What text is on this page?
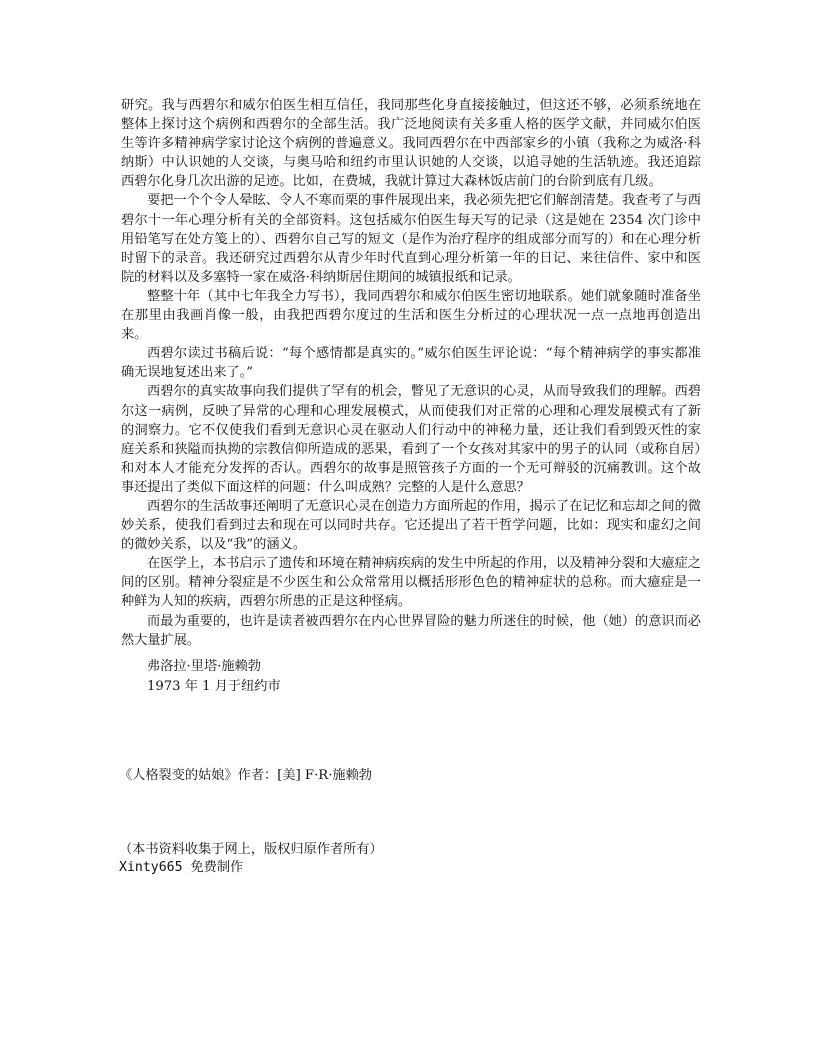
研究。我与西碧尔和威尔伯医生相互信任，我同那些化身直接接触过，但这还不够，必须系统地在整体上探讨这个病例和西碧尔的全部生活。我广泛地阅读有关多重人格的医学文献，并同威尔伯医生等许多精神病学家讨论这个病例的普遍意义。我同西碧尔在中西部家乡的小镇（我称之为威洛·科纳斯）中认识她的人交谈，与奥马哈和纽约市里认识她的人交谈，以追寻她的生活轨迹。我还追踪西碧尔化身几次出游的足迹。比如，在费城，我就计算过大森林饭店前门的台阶到底有几级。

要把一个个令人晕眩、令人不寒而栗的事件展现出来，我必须先把它们解剖清楚。我查考了与西碧尔十一年心理分析有关的全部资料。这包括威尔伯医生每天写的记录（这是她在 2354 次门诊中用铅笔写在处方笺上的）、西碧尔自己写的短文（是作为治疗程序的组成部分而写的）和在心理分析时留下的录音。我还研究过西碧尔从青少年时代直到心理分析第一年的日记、来往信件、家中和医院的材料以及多塞特一家在威洛·科纳斯居住期间的城镇报纸和记录。

整整十年（其中七年我全力写书），我同西碧尔和威尔伯医生密切地联系。她们就象随时准备坐在那里由我画肖像一般，由我把西碧尔度过的生活和医生分析过的心理状况一点一点地再创造出来。

西碧尔读过书稿后说：“每个感情都是真实的。”威尔伯医生评论说：“每个精神病学的事实都准确无误地复述出来了。”

西碧尔的真实故事向我们提供了罕有的机会，瞥见了无意识的心灵，从而导致我们的理解。西碧尔这一病例，反映了异常的心理和心理发展模式，从而使我们对正常的心理和心理发展模式有了新的洞察力。它不仅使我们看到无意识心灵在驱动人们行动中的神秘力量，还让我们看到毁灭性的家庭关系和狭隘而执拗的宗教信仰所造成的恶果，看到了一个女孩对其家中的男子的认同（或称自居）和对本人才能充分发挥的否认。西碧尔的故事是照管孩子方面的一个无可辩驳的沉痛教训。这个故事还提出了类似下面这样的问题：什么叫成熟？完整的人是什么意思？

西碧尔的生活故事还阐明了无意识心灵在创造力方面所起的作用，揭示了在记忆和忘却之间的微妙关系，使我们看到过去和现在可以同时共存。它还提出了若干哲学问题，比如：现实和虚幻之间的微妙关系，以及“我”的涵义。

在医学上，本书启示了遗传和环境在精神病疾病的发生中所起的作用，以及精神分裂和大癔症之间的区别。精神分裂症是不少医生和公众常常用以概括形形色色的精神症状的总称。而大癔症是一种鲜为人知的疾病，西碧尔所患的正是这种怪病。

而最为重要的，也许是读者被西碧尔在内心世界冒险的魅力所迷住的时候，他（她）的意识而必然大量扩展。

弗洛拉·里塔·施赖勃
1973 年 1 月于纽约市
《人格裂变的姑娘》作者：[美] F·R·施赖勃
（本书资料收集于网上，版权归原作者所有）
Xinty665 免费制作
